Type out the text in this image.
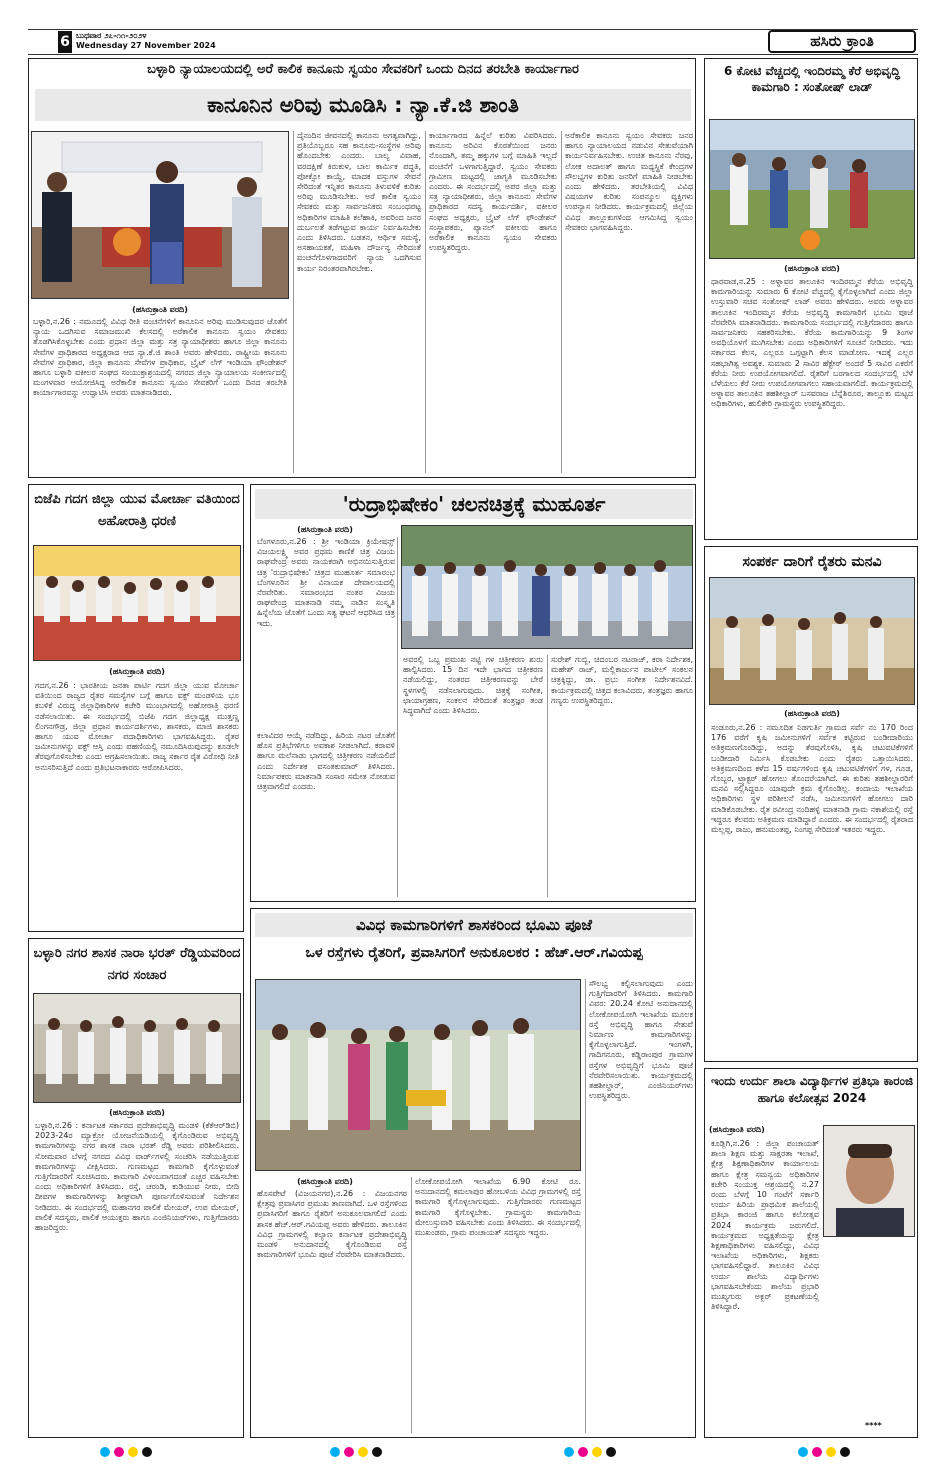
6 ಬುಧವಾರ ೨೭-೧೧-೨೦೨೪
Wednesday 27 November 2024	ಹಸಿರು ಕ್ರಾಂತಿ
ಬಳ್ಳಾರಿ ನ್ಯಾಯಾಲಯದಲ್ಲಿ ಅರೆ ಕಾಲಿಕ ಕಾನೂನು ಸ್ವಯಂ ಸೇವಕರಿಗೆ ಒಂದು ದಿನದ ತರಬೇತಿ ಕಾರ್ಯಾಗಾರ
ಕಾನೂನಿನ ಅರಿವು ಮೂಡಿಸಿ : ನ್ಯಾ.ಕೆ.ಜಿ ಶಾಂತಿ
(ಹಸಿರುಕ್ರಾಂತಿ ವರದಿ)
ಬಳ್ಳಾರಿ,ನ.26 : ನಮೂದಲ್ಲಿ ವಿವಿಧ ರೀತಿ ವಂಚನೆಗಳಿಗೆ ಕಾನೂನಿನ ಅರಿವು ಮುಡಿಸುವುದರ ಜೊತೆಗೆ ನ್ಯಾಯ ಒದಗಿಸುವ ಸಮಾಜಮುಖಿ ಕೆಲಸದಲ್ಲಿ ಅರೆಕಾಲಿಕ ಕಾನೂನು ಸ್ವಯಂ ಸೇವಕರು ತೊಡಗಿಸಿಕೊಳ್ಳಬೇಕು ಎಂದು ಪ್ರಧಾನ ಜಿಲ್ಲಾ ಮತ್ತು ಸತ್ರ ನ್ಯಾಯಾಧೀಶರು ಹಾಗೂ ಜಿಲ್ಲಾ ಕಾನೂನು ಸೇವೆಗಳ ಪ್ರಾಧಿಕಾರದ ಅಧ್ಯಕ್ಷರಾದ ಆದ ನ್ಯಾ.ಕೆ.ಜಿ ಶಾಂತಿ ಅವರು ಹೇಳಿದರು. ರಾಷ್ಟ್ರೀಯ ಕಾನೂನು ಸೇವೆಗಳ ಪ್ರಾಧಿಕಾರ, ಜಿಲ್ಲಾ ಕಾನೂನು ಸೇವೆಗಳ ಪ್ರಾಧಿಕಾರ, ಬ್ರೈಟ್ ಲೆಗ್ ಇಂಡಿಯಾ ಫೌಂಡೇಶನ್ ಹಾಗೂ ಬಳ್ಳಾರಿ ವಕೀಲರ ಸಂಘದ ಸಂಯುಕ್ತಾಶ್ರಯದಲ್ಲಿ ನಗರದ ಜಿಲ್ಲಾ ನ್ಯಾಯಾಲಯ ಸಂಕೀರ್ಣದಲ್ಲಿ ಮಂಗಳವಾರ ಆಯೋಜಿಸಿದ್ದ ಅರೆಕಾಲಿಕ ಕಾನೂನು ಸ್ವಯಂ ಸೇವಕರಿಗೆ ಒಂದು ದಿನದ ತರಬೇತಿ ಕಾರ್ಯಾಗಾರವನ್ನು ಉದ್ಘಾಟಿಸಿ ಅವರು ಮಾತನಾಡಿದರು.
ದೈನಂದಿನ ಜೀವನದಲ್ಲಿ ಕಾನೂನು ಅಗತ್ಯವಾಗಿದ್ದು, ಪ್ರತಿಯೊಬ್ಬರೂ ಸಹ ಕಾನೂನು-ಸಂಸ್ಥೆಗಳ ಅರಿವು ಹೊಂದಬೇಕು ಎಂದರು. ಬಾಲ್ಯ ವಿವಾಹ, ವರದಕ್ಷಿಣೆ ಕಿರುಕುಳ, ಬಾಲ ಕಾರ್ಮಿಕ ಪದ್ಧತಿ, ಪೋಕ್ಸೋ ಕಾಯ್ದೆ, ಮಾದಕ ವಸ್ತುಗಳ ಸೇವನೆ ಸೇರಿದಂತೆ ಇನ್ನಿತರ ಕಾನೂನು ತಿಳುವಳಿಕೆ ಕುರಿತು ಅರಿವು ಮೂಡಿಸಬೇಕು. ಅರೆ ಕಾಲಿಕ ಸ್ವಯಂ ಸೇವಕರು ಮತ್ತು ಸಾರ್ವಜನಿಕರು ಸಂಬಂಧಪಟ್ಟ ಅಧಿಕಾರಿಗಳ ಮಾಹಿತಿ ಕಲೆಹಾಕಿ, ಅವರಿಂದ ಜನರ ದುರ್ಬಲತೆ ತಡೆಗಟ್ಟುವ ಕಾರ್ಯ ನಿರ್ವಹಿಸಬೇಕು ಎಂದು ತಿಳಿಸಿದರು. ಬಡತನ, ಆರ್ಥಿಕ ಸಮಸ್ಯೆ, ಅಸಹಾಯಕತೆ, ಮಹಿಳಾ ದೌರ್ಜನ್ಯ ಸೇರಿದಂತೆ ವಂಚನೆಗೊಳಗಾದವರಿಗೆ ನ್ಯಾಯ ಒದಗಿಸುವ ಕಾರ್ಯ ನಿರಂತರವಾಗಿರಬೇಕು.
ಕಾರ್ಯಾಗಾರದ ಹಿನ್ನೆಲೆ ಕುರಿತು ವಿವರಿಸಿದರು. ಕಾನೂನು ಅರಿವಿನ ಕೊರತೆಯಿಂದ ಜನರು ನೊಂದಾಗಿ, ತಮ್ಮ ಹಕ್ಕುಗಳ ಬಗ್ಗೆ ಮಾಹಿತಿ ಇಲ್ಲದೆ ವಂಚನೆಗೆ ಒಳಗಾಗುತ್ತಿದ್ದಾರೆ. ಸ್ವಯಂ ಸೇವಕರು ಗ್ರಾಮೀಣ ಮಟ್ಟದಲ್ಲಿ ಜಾಗೃತಿ ಮೂಡಿಸಬೇಕು ಎಂದರು. ಈ ಸಂದರ್ಭದಲ್ಲಿ ಅಪರ ಜಿಲ್ಲಾ ಮತ್ತು ಸತ್ರ ನ್ಯಾಯಾಧೀಶರು, ಜಿಲ್ಲಾ ಕಾನೂನು ಸೇವೆಗಳ ಪ್ರಾಧಿಕಾರದ ಸದಸ್ಯ ಕಾರ್ಯದರ್ಶಿ, ವಕೀಲರ ಸಂಘದ ಅಧ್ಯಕ್ಷರು, ಬ್ರೈಟ್ ಲೆಗ್ ಫೌಂಡೇಶನ್ ಸಂಸ್ಥಾಪಕರು, ಪ್ಯಾನಲ್ ವಕೀಲರು ಹಾಗೂ ಅರೆಕಾಲಿಕ ಕಾನೂನು ಸ್ವಯಂ ಸೇವಕರು ಉಪಸ್ಥಿತರಿದ್ದರು.
ಅರೆಕಾಲಿಕ ಕಾನೂನು ಸ್ವಯಂ ಸೇವಕರು ಜನರ ಹಾಗೂ ನ್ಯಾಯಾಲಯದ ನಡುವಿನ ಸೇತುವೆಯಾಗಿ ಕಾರ್ಯನಿರ್ವಹಿಸಬೇಕು. ಉಚಿತ ಕಾನೂನು ನೆರವು, ಲೋಕ ಅದಾಲತ್ ಹಾಗೂ ಮಧ್ಯಸ್ಥಿಕೆ ಕೇಂದ್ರಗಳ ಸೌಲಭ್ಯಗಳ ಕುರಿತು ಜನರಿಗೆ ಮಾಹಿತಿ ನೀಡಬೇಕು ಎಂದು ಹೇಳಿದರು. ತರಬೇತಿಯಲ್ಲಿ ವಿವಿಧ ವಿಷಯಗಳ ಕುರಿತು ಸಂಪನ್ಮೂಲ ವ್ಯಕ್ತಿಗಳು ಉಪನ್ಯಾಸ ನೀಡಿದರು. ಕಾರ್ಯಕ್ರಮದಲ್ಲಿ ಜಿಲ್ಲೆಯ ವಿವಿಧ ತಾಲ್ಲೂಕುಗಳಿಂದ ಆಗಮಿಸಿದ್ದ ಸ್ವಯಂ ಸೇವಕರು ಭಾಗವಹಿಸಿದ್ದರು.
6 ಕೋಟಿ ವೆಚ್ಚದಲ್ಲಿ ಇಂದಿರಮ್ಮ ಕೆರೆ ಅಭಿವೃದ್ಧಿ ಕಾಮಗಾರಿ : ಸಂತೋಷ್ ಲಾಡ್
(ಹಸಿರುಕ್ರಾಂತಿ ವರದಿ)
ಧಾರವಾಡ,ನ.25 : ಅಳ್ನಾವರ ತಾಲೂಕಿನ ಇಂದಿರಮ್ಮನ ಕೆರೆಯ ಅಭಿವೃದ್ಧಿ ಕಾಮಗಾರಿಯನ್ನು ಸುಮಾರು 6 ಕೋಟಿ ವೆಚ್ಚದಲ್ಲಿ ಕೈಗೊಳ್ಳಲಾಗಿದೆ ಎಂದು ಜಿಲ್ಲಾ ಉಸ್ತುವಾರಿ ಸಚಿವ ಸಂತೋಷ್ ಲಾಡ್ ಅವರು ಹೇಳಿದರು. ಅವರು ಅಳ್ನಾವರ ತಾಲೂಕಿನ ಇಂದಿರಮ್ಮನ ಕೆರೆಯ ಅಭಿವೃದ್ಧಿ ಕಾಮಗಾರಿಗೆ ಭೂಮಿ ಪೂಜೆ ನೆರವೇರಿಸಿ ಮಾತನಾಡಿದರು. ಕಾಮಗಾರಿಯ ಸಂದರ್ಭದಲ್ಲಿ ಗುತ್ತಿಗೆದಾರರು ಹಾಗೂ ಸಾರ್ವಜನಿಕರು ಸಹಕರಿಸಬೇಕು. ಕೆರೆಯ ಕಾಮಗಾರಿಯನ್ನು 9 ತಿಂಗಳ ಅವಧಿಯೊಳಗೆ ಮುಗಿಸಬೇಕು ಎಂದು ಅಧಿಕಾರಿಗಳಿಗೆ ಸೂಚನೆ ನೀಡಿದರು. ಇದು ಸರ್ಕಾರದ ಕೆಲಸ, ಎಲ್ಲರೂ ಒಗ್ಗಟ್ಟಾಗಿ ಕೆಲಸ ಮಾಡೋಣ. ಇದಕ್ಕೆ ಎಲ್ಲರ ಸಹಭಾಗಿತ್ವ ಅವಶ್ಯಕ. ಸುಮಾರು 2 ಸಾವಿರ ಹೆಕ್ಟೇರ್ ಅಂದರೆ 5 ಸಾವಿರ ಎಕರೆಗೆ ಕೆರೆಯ ನೀರು ಉಪಯೋಗವಾಗಲಿದೆ. ರೈತರಿಗೆ ಬರಗಾಲದ ಸಂದರ್ಭದಲ್ಲಿ ಬೆಳೆ ಬೆಳೆಯಲು ಕೆರೆ ನೀರು ಉಪಯೋಗವಾಗಲು ಸಹಾಯವಾಗಲಿದೆ. ಕಾರ್ಯಕ್ರಮದಲ್ಲಿ ಅಳ್ನಾವರ ತಾಲೂಕಿನ ತಹಶೀಲ್ದಾರ್ ಬಸವರಾಜ ಬೆನ್ನೆಶಿರೂರ, ತಾಲ್ಲೂಕು ಮಟ್ಟದ ಅಧಿಕಾರಿಗಳು, ಹುಲಿಕೇರಿ ಗ್ರಾಮಸ್ಥರು ಉಪಸ್ಥಿತರಿದ್ದರು.
ಬಿಜೆಪಿ ಗದಗ ಜಿಲ್ಲಾ ಯುವ ಮೋರ್ಚಾ ವತಿಯಿಂದ ಅಹೋರಾತ್ರಿ ಧರಣಿ
(ಹಸಿರುಕ್ರಾಂತಿ ವರದಿ)
ಗದಗ,ನ.26 : ಭಾರತೀಯ ಜನತಾ ಪಾರ್ಟಿ ಗದಗ ಜಿಲ್ಲಾ ಯುವ ಮೋರ್ಚಾ ವತಿಯಿಂದ ರಾಜ್ಯದ ರೈತರ ಸಮಸ್ಯೆಗಳ ಬಗ್ಗೆ ಹಾಗೂ ವಕ್ಫ್ ಮಂಡಳಿಯ ಭೂ ಕಬಳಿಕೆ ವಿರುದ್ಧ ಜಿಲ್ಲಾಧಿಕಾರಿಗಳ ಕಚೇರಿ ಮುಂಭಾಗದಲ್ಲಿ ಅಹೋರಾತ್ರಿ ಧರಣಿ ನಡೆಸಲಾಯಿತು. ಈ ಸಂದರ್ಭದಲ್ಲಿ ಬಿಜೆಪಿ ಗದಗ ಜಿಲ್ಲಾಧ್ಯಕ್ಷ ಮುತ್ತಣ್ಣ ಲಿಂಗನಗೌಡ್ರ, ಜಿಲ್ಲಾ ಪ್ರಧಾನ ಕಾರ್ಯದರ್ಶಿಗಳು, ಶಾಸಕರು, ಮಾಜಿ ಶಾಸಕರು ಹಾಗೂ ಯುವ ಮೋರ್ಚಾ ಪದಾಧಿಕಾರಿಗಳು ಭಾಗವಹಿಸಿದ್ದರು. ರೈತರ ಜಮೀನುಗಳನ್ನು ವಕ್ಫ್ ಆಸ್ತಿ ಎಂದು ಪಹಣಿಯಲ್ಲಿ ನಮೂದಿಸಿರುವುದನ್ನು ಕೂಡಲೇ ತೆರವುಗೊಳಿಸಬೇಕು ಎಂದು ಆಗ್ರಹಿಸಲಾಯಿತು. ರಾಜ್ಯ ಸರ್ಕಾರ ರೈತ ವಿರೋಧಿ ನೀತಿ ಅನುಸರಿಸುತ್ತಿದೆ ಎಂದು ಪ್ರತಿಭಟನಾಕಾರರು ಆರೋಪಿಸಿದರು.
'ರುದ್ರಾಭಿಷೇಕಂ' ಚಲನಚಿತ್ರಕ್ಕೆ ಮುಹೂರ್ತ
(ಹಸಿರುಕ್ರಾಂತಿ ವರದಿ)
ಬೆಂಗಳೂರು,ನ.26 : ಶ್ರೀ ಇಂಡಿಯಾ ಕ್ರಿಯೇಷನ್ಸ್ ವಿಜಯಲಕ್ಷ್ಮಿ ಅವರ ಪ್ರಥಮ ಕಾಣಿಕೆ ಚಿತ್ರ ವಿಜಯ ರಾಘವೇಂದ್ರ ಅವರು ನಾಯಕರಾಗಿ ಅಭಿನಯಿಸುತ್ತಿರುವ ಚಿತ್ರ 'ರುದ್ರಾಭಿಷೇಕಂ' ಚಿತ್ರದ ಮುಹೂರ್ತ ಸಮಾರಂಭ ಬೆಂಗಳೂರಿನ ಶ್ರೀ ವಿನಾಯಕ ದೇವಾಲಯದಲ್ಲಿ ನೆರವೇರಿತು. ಸಮಾರಂಭದ ನಂತರ ವಿಜಯ ರಾಘವೇಂದ್ರ ಮಾತನಾಡಿ ನಮ್ಮ ನಾಡಿನ ಸಂಸ್ಕೃತಿ ಹಿನ್ನೆಲೆಯ ಜೊತೆಗೆ ಒಂದು ಸತ್ಯ ಘಟನೆ ಆಧರಿಸಿದ ಚಿತ್ರ ಇದು.
ಕಲಾವಿದರ ಆಯ್ಕೆ ನಡೆದಿದ್ದು, ಹಿರಿಯ ನಟರ ಜೊತೆಗೆ ಹೊಸ ಪ್ರತಿಭೆಗಳಿಗೂ ಅವಕಾಶ ನೀಡಲಾಗಿದೆ. ಕರಾವಳಿ ಹಾಗೂ ಮಲೆನಾಡು ಭಾಗದಲ್ಲಿ ಚಿತ್ರೀಕರಣ ನಡೆಯಲಿದೆ ಎಂದು ನಿರ್ದೇಶಕ ವಸಂತಕುಮಾರ್ ತಿಳಿಸಿದರು. ನಿರ್ಮಾಪಕರು ಮಾತನಾಡಿ ಸಂಸಾರ ಸಮೇತ ನೋಡುವ ಚಿತ್ರವಾಗಲಿದೆ ಎಂದರು.
ಅವರಲ್ಲಿ ಒಬ್ಬ ಪ್ರಮುಖ ನಟ್ಟಿ ಗಳ ಚಿತ್ರೀಕರಣ ಶುರು ಹಾಲ್ಪಿಸಿದರು. 15 ದಿನ ಇದೇ ಭಾಗದ ಚಿತ್ರೀಕರಣ ನಡೆಯಲಿದ್ದು, ನಂತರದ ಚಿತ್ರೀಕರಣವನ್ನು ಬೇರೆ ಸ್ಥಳಗಳಲ್ಲಿ ನಡೆಸಲಾಗುವುದು. ಚಿತ್ರಕ್ಕೆ ಸಂಗೀತ, ಛಾಯಾಗ್ರಹಣ, ಸಂಕಲನ ಸೇರಿದಂತೆ ತಂತ್ರಜ್ಞರ ತಂಡ ಸಿದ್ಧವಾಗಿದೆ ಎಂದು ತಿಳಿಸಿದರು.
ಸುರೇಶ್ ಗುಬ್ಬಿ, ಚಿದಂಬರ ನಟರಾಜ್, ಕರಾ ನಿರ್ದೇಶಕ, ಮಹೇಶ್ ರಾಜ್, ಮಲ್ಲಿಕಾರ್ಜುನ ಪಾಟೀಲ್ ಸಂಕಲನ ಚಿತ್ರಕ್ಕಿದ್ದು, ಡಾ. ಪ್ರಭು ಸಂಗೀತ ನಿರ್ದೇಶನವಿದೆ. ಕಾರ್ಯಕ್ರಮದಲ್ಲಿ ಚಿತ್ರದ ಕಲಾವಿದರು, ತಂತ್ರಜ್ಞರು ಹಾಗೂ ಗಣ್ಯರು ಉಪಸ್ಥಿತರಿದ್ದರು.
ಸಂಪರ್ಕ ದಾರಿಗೆ ರೈತರು ಮನವಿ
(ಹಸಿರುಕ್ರಾಂತಿ ವರದಿ)
ಸಂಡೂರು,ನ.26 : ನಮೂದಿತ ನಿಡಗುರ್ತಿ ಗ್ರಾಮದ ಸರ್ವೆ ನಂ 170 ರಿಂದ 176 ವರೆಗೆ ಕೃಷಿ ಜಮೀನುಗಳಿಗೆ ಸರ್ವೆಕ ಕಟ್ಟಿರುವ ಬಂಡೀದಾರಿಯು ಅತಿಕ್ರಮಣಗೊಂಡಿದ್ದು, ಅದನ್ನು ತೆರವುಗೊಳಿಸಿ, ಕೃಷಿ ಚಟುವಟಿಕೆಗಳಿಗೆ ಬಂಡೀದಾರಿ ನಿರ್ಮಿಸಿ ಕೊಡಬೇಕು ಎಂದು ರೈತರು ಒತ್ತಾಯಿಸಿದರು. ಅತಿಕ್ರಮಣದಿಂದ ಕಳೆದ 15 ವರ್ಷಗಳಿಂದ ಕೃಷಿ ಚಟುವಟಿಕೆಗಳಿಗೆ ಗಳ, ಗೂಡ, ಗೊಬ್ಬರ, ಟ್ರ್ಯಾಕ್ಟರ್ ಹೋಗಲು ತೊಂದರೆಯಾಗಿದೆ. ಈ ಕುರಿತು ತಹಶೀಲ್ದಾರರಿಗೆ ಮನವಿ ಸಲ್ಲಿಸಿದ್ದರೂ ಯಾವುದೇ ಕ್ರಮ ಕೈಗೊಂಡಿಲ್ಲ. ಕಂದಾಯ ಇಲಾಖೆಯ ಅಧಿಕಾರಿಗಳು ಸ್ಥಳ ಪರಿಶೀಲನೆ ನಡೆಸಿ, ಜಮೀನುಗಳಿಗೆ ಹೋಗಲು ದಾರಿ ಮಾಡಿಕೊಡಬೇಕು. ರೈತ ರವೀಂದ್ರ ನಂದಿಹಳ್ಳಿ ಮಾತನಾಡಿ ಗ್ರಾಮ ನಕಾಶೆಯಲ್ಲಿ ರಸ್ತೆ ಇದ್ದರೂ ಕೆಲವರು ಅತಿಕ್ರಮಣ ಮಾಡಿದ್ದಾರೆ ಎಂದರು. ಈ ಸಂದರ್ಭದಲ್ಲಿ ರೈತರಾದ ಮಲ್ಲಪ್ಪ, ರಾಜು, ಹನುಮಂತಪ್ಪ, ನಿಂಗಪ್ಪ ಸೇರಿದಂತೆ ಇತರರು ಇದ್ದರು.
ಬಳ್ಳಾರಿ ನಗರ ಶಾಸಕ ನಾರಾ ಭರತ್ ರೆಡ್ಡಿಯವರಿಂದ ನಗರ ಸಂಚಾರ
(ಹಸಿರುಕ್ರಾಂತಿ ವರದಿ)
ಬಳ್ಳಾರಿ,ನ.26 : ಕರ್ನಾಟಕ ಸರ್ಕಾರದ ಪ್ರದೇಶಾಭಿವೃದ್ಧಿ ಮಂಡಳಿ (ಕೆಕೆಆರ್‌ಡಿಬಿ) 2023-24ರ ಮ್ಯಾಕ್ರೋ ಯೋಜನೆಯಡಿಯಲ್ಲಿ ಕೈಗೊಂಡಿರುವ ಅಭಿವೃದ್ಧಿ ಕಾಮಗಾರಿಗಳನ್ನು ನಗರ ಶಾಸಕ ನಾರಾ ಭರತ್ ರೆಡ್ಡಿ ಅವರು ಪರಿಶೀಲಿಸಿದರು. ಸೋಮವಾರ ಬೆಳಗ್ಗೆ ನಗರದ ವಿವಿಧ ವಾರ್ಡ್‌ಗಳಲ್ಲಿ ಸಂಚರಿಸಿ ನಡೆಯುತ್ತಿರುವ ಕಾಮಗಾರಿಗಳನ್ನು ವೀಕ್ಷಿಸಿದರು. ಗುಣಮಟ್ಟದ ಕಾಮಗಾರಿ ಕೈಗೊಳ್ಳುವಂತೆ ಗುತ್ತಿಗೆದಾರರಿಗೆ ಸೂಚಿಸಿದರು. ಕಾಮಗಾರಿ ವಿಳಂಬವಾಗದಂತೆ ಎಚ್ಚರ ವಹಿಸಬೇಕು ಎಂದು ಅಧಿಕಾರಿಗಳಿಗೆ ತಿಳಿಸಿದರು. ರಸ್ತೆ, ಚರಂಡಿ, ಕುಡಿಯುವ ನೀರು, ಬೀದಿ ದೀಪಗಳ ಕಾಮಗಾರಿಗಳನ್ನು ಶೀಘ್ರವಾಗಿ ಪೂರ್ಣಗೊಳಿಸುವಂತೆ ನಿರ್ದೇಶನ ನೀಡಿದರು. ಈ ಸಂದರ್ಭದಲ್ಲಿ ಮಹಾನಗರ ಪಾಲಿಕೆ ಮೇಯರ್, ಉಪ ಮೇಯರ್, ಪಾಲಿಕೆ ಸದಸ್ಯರು, ಪಾಲಿಕೆ ಆಯುಕ್ತರು ಹಾಗೂ ಎಂಜಿನಿಯರ್‌ಗಳು, ಗುತ್ತಿಗೆದಾರರು ಹಾಜರಿದ್ದರು.
ವಿವಿಧ ಕಾಮಗಾರಿಗಳಿಗೆ ಶಾಸಕರಿಂದ ಭೂಮಿ ಪೂಜೆ
ಒಳ ರಸ್ತೆಗಳು ರೈತರಿಗೆ, ಪ್ರವಾಸಿಗರಿಗೆ ಅನುಕೂಲಕರ : ಹೆಚ್.ಆರ್.ಗವಿಯಪ್ಪ
(ಹಸಿರುಕ್ರಾಂತಿ ವರದಿ)
ಹೊಸಪೇಟೆ (ವಿಜಯನಗರ),ನ.26 : ವಿಜಯನಗರ ಕ್ಷೇತ್ರವು ಪ್ರವಾಸಿಗರ ಪ್ರಮುಖ ತಾಣವಾಗಿದೆ. ಒಳ ರಸ್ತೆಗಳಿಂದ ಪ್ರವಾಸಿಗರಿಗೆ ಹಾಗೂ ರೈತರಿಗೆ ಅನುಕೂಲವಾಗಲಿದೆ ಎಂದು ಶಾಸಕ ಹೆಚ್.ಆರ್.ಗವಿಯಪ್ಪ ಅವರು ಹೇಳಿದರು. ತಾಲೂಕಿನ ವಿವಿಧ ಗ್ರಾಮಗಳಲ್ಲಿ ಕಲ್ಯಾಣ ಕರ್ನಾಟಕ ಪ್ರದೇಶಾಭಿವೃದ್ಧಿ ಮಂಡಳಿ ಅನುದಾನದಲ್ಲಿ ಕೈಗೊಂಡಿರುವ ರಸ್ತೆ ಕಾಮಗಾರಿಗಳಿಗೆ ಭೂಮಿ ಪೂಜೆ ನೆರವೇರಿಸಿ ಮಾತನಾಡಿದರು.
ಲೋಕೋಪಯೋಗಿ ಇಲಾಖೆಯ 6.90 ಕೋಟಿ ರೂ. ಅನುದಾನದಲ್ಲಿ ಕಮಲಾಪುರ ಹೋಬಳಿಯ ವಿವಿಧ ಗ್ರಾಮಗಳಲ್ಲಿ ರಸ್ತೆ ಕಾಮಗಾರಿ ಕೈಗೊಳ್ಳಲಾಗುವುದು. ಗುತ್ತಿಗೆದಾರರು ಗುಣಮಟ್ಟದ ಕಾಮಗಾರಿ ಕೈಗೊಳ್ಳಬೇಕು. ಗ್ರಾಮಸ್ಥರು ಕಾಮಗಾರಿಯ ಮೇಲುಸ್ತುವಾರಿ ವಹಿಸಬೇಕು ಎಂದು ತಿಳಿಸಿದರು. ಈ ಸಂದರ್ಭದಲ್ಲಿ ಮುಖಂಡರು, ಗ್ರಾಮ ಪಂಚಾಯತ್ ಸದಸ್ಯರು ಇದ್ದರು.
ಸೌಲಭ್ಯ ಕಲ್ಪಿಸಲಾಗುವುದು ಎಂದು ಗುತ್ತಿಗೆದಾರರಿಗೆ ತಿಳಿಸಿದರು. ಕಾಮಗಾರಿ ವಿವರ: 20.24 ಕೋಟಿ ಅನುದಾನದಲ್ಲಿ ಲೋಕೋಪಯೋಗಿ ಇಲಾಖೆಯ ಮೂಲಕ ರಸ್ತೆ ಅಭಿವೃದ್ಧಿ ಹಾಗೂ ಸೇತುವೆ ನಿರ್ಮಾಣ ಕಾಮಗಾರಿಗಳನ್ನು ಕೈಗೊಳ್ಳಲಾಗುತ್ತಿದೆ. ಇಂಗಳಗಿ, ಗಾದಿಗನೂರು, ಕಡ್ಡಿರಾಂಪುರ ಗ್ರಾಮಗಳ ರಸ್ತೆಗಳ ಅಭಿವೃದ್ಧಿಗೆ ಭೂಮಿ ಪೂಜೆ ನೆರವೇರಿಸಲಾಯಿತು. ಕಾರ್ಯಕ್ರಮದಲ್ಲಿ ತಹಶೀಲ್ದಾರ್, ಎಂಜಿನಿಯರ್‌ಗಳು ಉಪಸ್ಥಿತರಿದ್ದರು.
ಇಂದು ಉರ್ದು ಶಾಲಾ ವಿದ್ಯಾರ್ಥಿಗಳ ಪ್ರತಿಭಾ ಕಾರಂಜಿ ಹಾಗೂ ಕಲೋತ್ಸವ 2024
(ಹಸಿರುಕ್ರಾಂತಿ ವರದಿ)
ಕೂಡ್ಲಿಗಿ,ನ.26 : ಜಿಲ್ಲಾ ಪಂಚಾಯತ್ ಶಾಲಾ ಶಿಕ್ಷಣ ಮತ್ತು ಸಾಕ್ಷರತಾ ಇಲಾಖೆ, ಕ್ಷೇತ್ರ ಶಿಕ್ಷಣಾಧಿಕಾರಿಗಳ ಕಾರ್ಯಾಲಯ ಹಾಗೂ ಕ್ಷೇತ್ರ ಸಮನ್ವಯ ಅಧಿಕಾರಿಗಳ ಕಚೇರಿ ಸಂಯುಕ್ತ ಆಶ್ರಯದಲ್ಲಿ ನ.27 ರಂದು ಬೆಳಗ್ಗೆ 10 ಗಂಟೆಗೆ ಸರ್ಕಾರಿ ಉರ್ದು ಹಿರಿಯ ಪ್ರಾಥಮಿಕ ಶಾಲೆಯಲ್ಲಿ ಪ್ರತಿಭಾ ಕಾರಂಜಿ ಹಾಗೂ ಕಲೋತ್ಸವ 2024 ಕಾರ್ಯಕ್ರಮ ಜರುಗಲಿದೆ. ಕಾರ್ಯಕ್ರಮದ ಅಧ್ಯಕ್ಷತೆಯನ್ನು ಕ್ಷೇತ್ರ ಶಿಕ್ಷಣಾಧಿಕಾರಿಗಳು ವಹಿಸಲಿದ್ದು, ವಿವಿಧ ಇಲಾಖೆಯ ಅಧಿಕಾರಿಗಳು, ಶಿಕ್ಷಕರು ಭಾಗವಹಿಸಲಿದ್ದಾರೆ. ತಾಲೂಕಿನ ವಿವಿಧ ಉರ್ದು ಶಾಲೆಯ ವಿದ್ಯಾರ್ಥಿಗಳು ಭಾಗವಹಿಸಬೇಕೆಂದು ಶಾಲೆಯ ಪ್ರಭಾರಿ ಮುಖ್ಯಗುರು ಅಕ್ಬರ್ ಪ್ರಕಟಣೆಯಲ್ಲಿ ತಿಳಿಸಿದ್ದಾರೆ.
****
